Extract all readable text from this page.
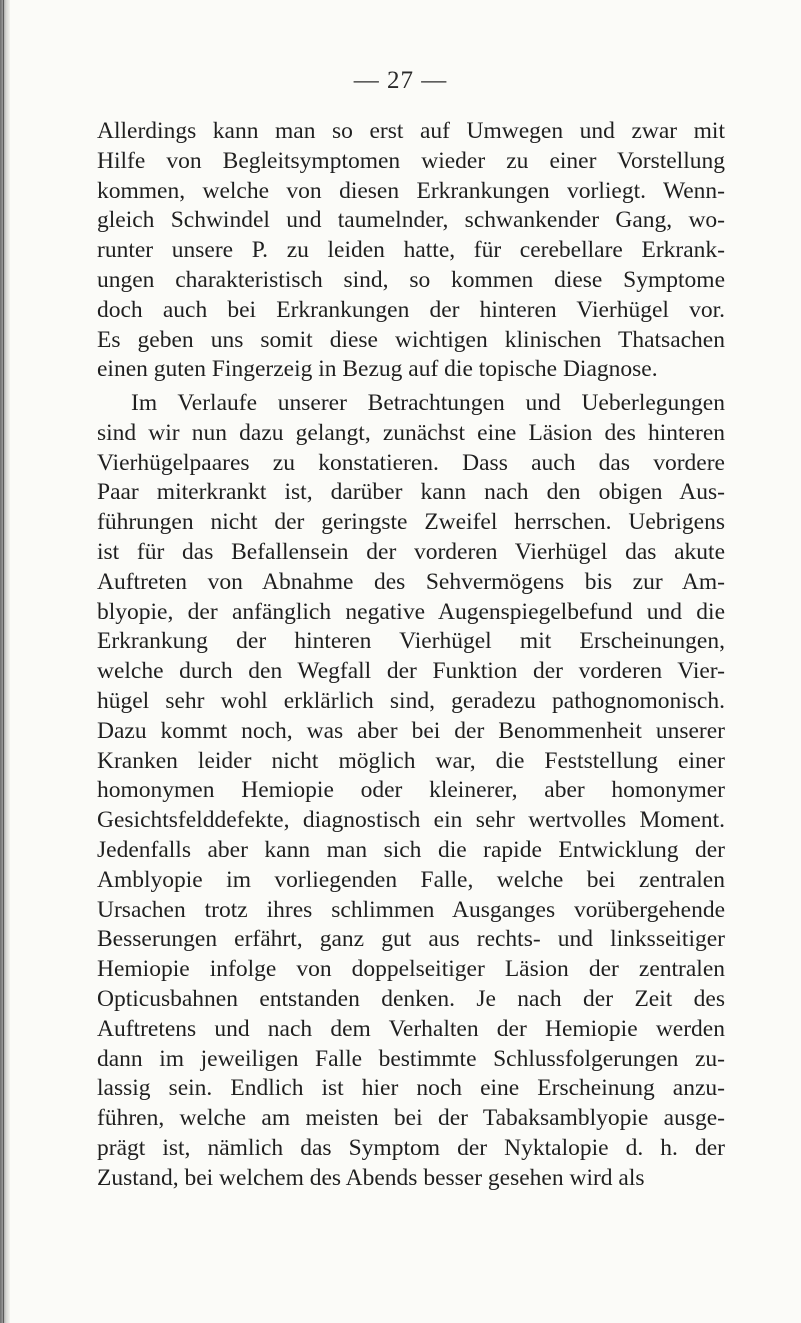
— 27 —
Allerdings kann man so erst auf Umwegen und zwar mit
Hilfe von Begleitsymptomen wieder zu einer Vorstellung
kommen, welche von diesen Erkrankungen vorliegt. Wenn-
gleich Schwindel und taumelnder, schwankender Gang, wo-
runter unsere P. zu leiden hatte, für cerebellare Erkrank-
ungen charakteristisch sind, so kommen diese Symptome
doch auch bei Erkrankungen der hinteren Vierhügel vor.
Es geben uns somit diese wichtigen klinischen Thatsachen
einen guten Fingerzeig in Bezug auf die topische Diagnose.
Im Verlaufe unserer Betrachtungen und Ueberlegungen
sind wir nun dazu gelangt, zunächst eine Läsion des hinteren
Vierhügelpaares zu konstatieren. Dass auch das vordere
Paar miterkrankt ist, darüber kann nach den obigen Aus-
führungen nicht der geringste Zweifel herrschen. Uebrigens
ist für das Befallensein der vorderen Vierhügel das akute
Auftreten von Abnahme des Sehvermögens bis zur Am-
blyopie, der anfänglich negative Augenspiegelbefund und die
Erkrankung der hinteren Vierhügel mit Erscheinungen,
welche durch den Wegfall der Funktion der vorderen Vier-
hügel sehr wohl erklärlich sind, geradezu pathognomonisch.
Dazu kommt noch, was aber bei der Benommenheit unserer
Kranken leider nicht möglich war, die Feststellung einer
homonymen Hemiopie oder kleinerer, aber homonymer
Gesichtsfelddefekte, diagnostisch ein sehr wertvolles Moment.
Jedenfalls aber kann man sich die rapide Entwicklung der
Amblyopie im vorliegenden Falle, welche bei zentralen
Ursachen trotz ihres schlimmen Ausganges vorübergehende
Besserungen erfährt, ganz gut aus rechts- und linksseitiger
Hemiopie infolge von doppelseitiger Läsion der zentralen
Opticusbahnen entstanden denken. Je nach der Zeit des
Auftretens und nach dem Verhalten der Hemiopie werden
dann im jeweiligen Falle bestimmte Schlussfolgerungen zu-
lassig sein. Endlich ist hier noch eine Erscheinung anzu-
führen, welche am meisten bei der Tabaksamblyopie ausge-
prägt ist, nämlich das Symptom der Nyktalopie d. h. der
Zustand, bei welchem des Abends besser gesehen wird als
